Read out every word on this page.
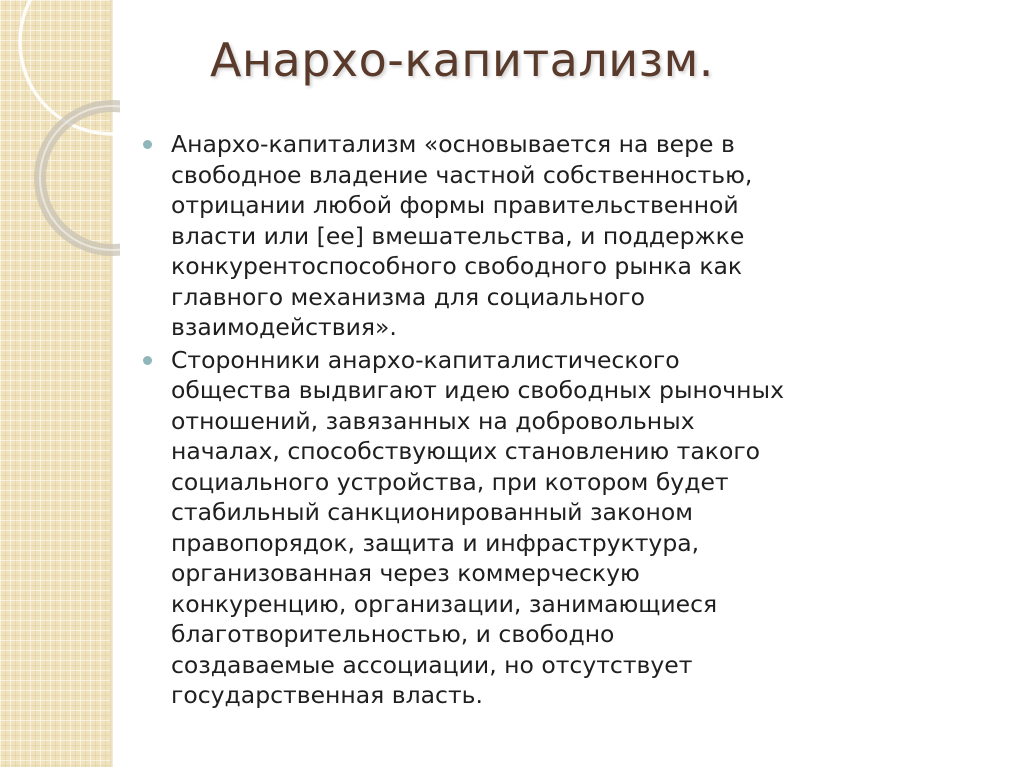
Анархо-капитализм.
Анархо-капитализм «основывается на вере в
свободное владение частной собственностью,
отрицании любой формы правительственной
власти или [ее] вмешательства, и поддержке
конкурентоспособного свободного рынка как
главного механизма для социального
взаимодействия».
Сторонники анархо-капиталистического
общества выдвигают идею свободных рыночных
отношений, завязанных на добровольных
началах, способствующих становлению такого
социального устройства, при котором будет
стабильный санкционированный законом
правопорядок, защита и инфраструктура,
организованная через коммерческую
конкуренцию, организации, занимающиеся
благотворительностью, и свободно
создаваемые ассоциации, но отсутствует
государственная власть.
